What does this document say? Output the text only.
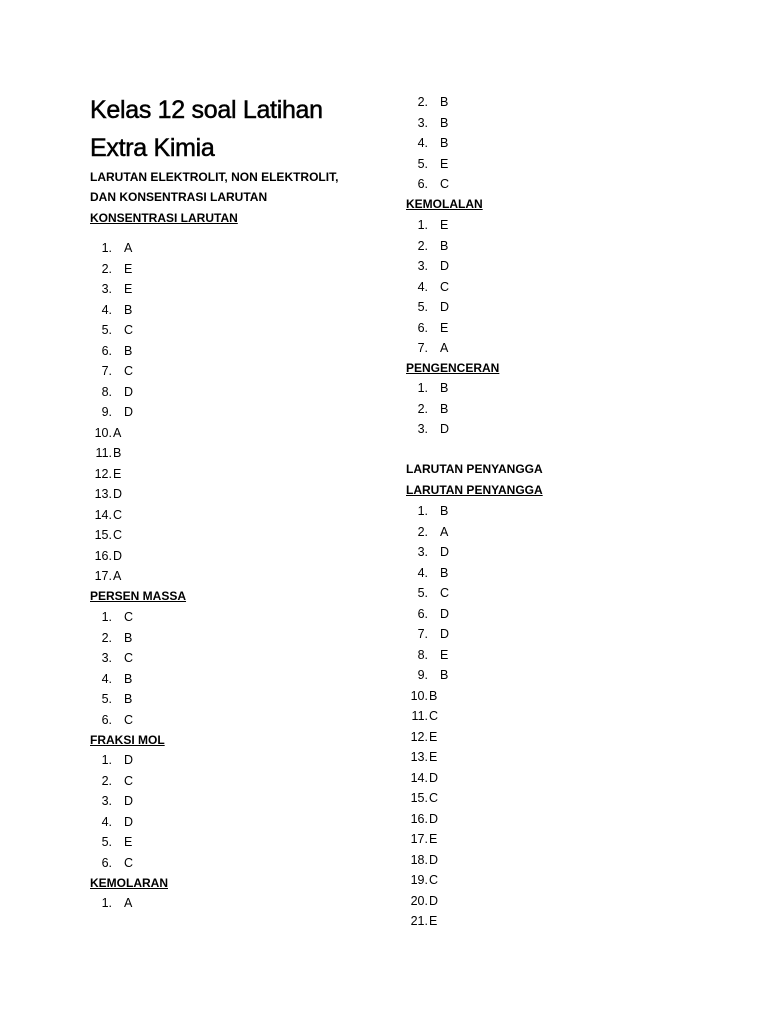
Kelas 12 soal Latihan
Extra Kimia
LARUTAN ELEKTROLIT, NON ELEKTROLIT,
DAN KONSENTRASI LARUTAN
KONSENTRASI LARUTAN
1. A
2. E
3. E
4. B
5. C
6. B
7. C
8. D
9. D
10.A
11.B
12.E
13.D
14.C
15.C
16.D
17.A
PERSEN MASSA
1. C
2. B
3. C
4. B
5. B
6. C
FRAKSI MOL
1. D
2. C
3. D
4. D
5. E
6. C
KEMOLARAN
1. A
2. B
3. B
4. B
5. E
6. C
KEMOLALAN
1. E
2. B
3. D
4. C
5. D
6. E
7. A
PENGENCERAN
1. B
2. B
3. D
LARUTAN PENYANGGA
LARUTAN PENYANGGA
1. B
2. A
3. D
4. B
5. C
6. D
7. D
8. E
9. B
10.B
11.C
12.E
13.E
14.D
15.C
16.D
17.E
18.D
19.C
20.D
21.E
